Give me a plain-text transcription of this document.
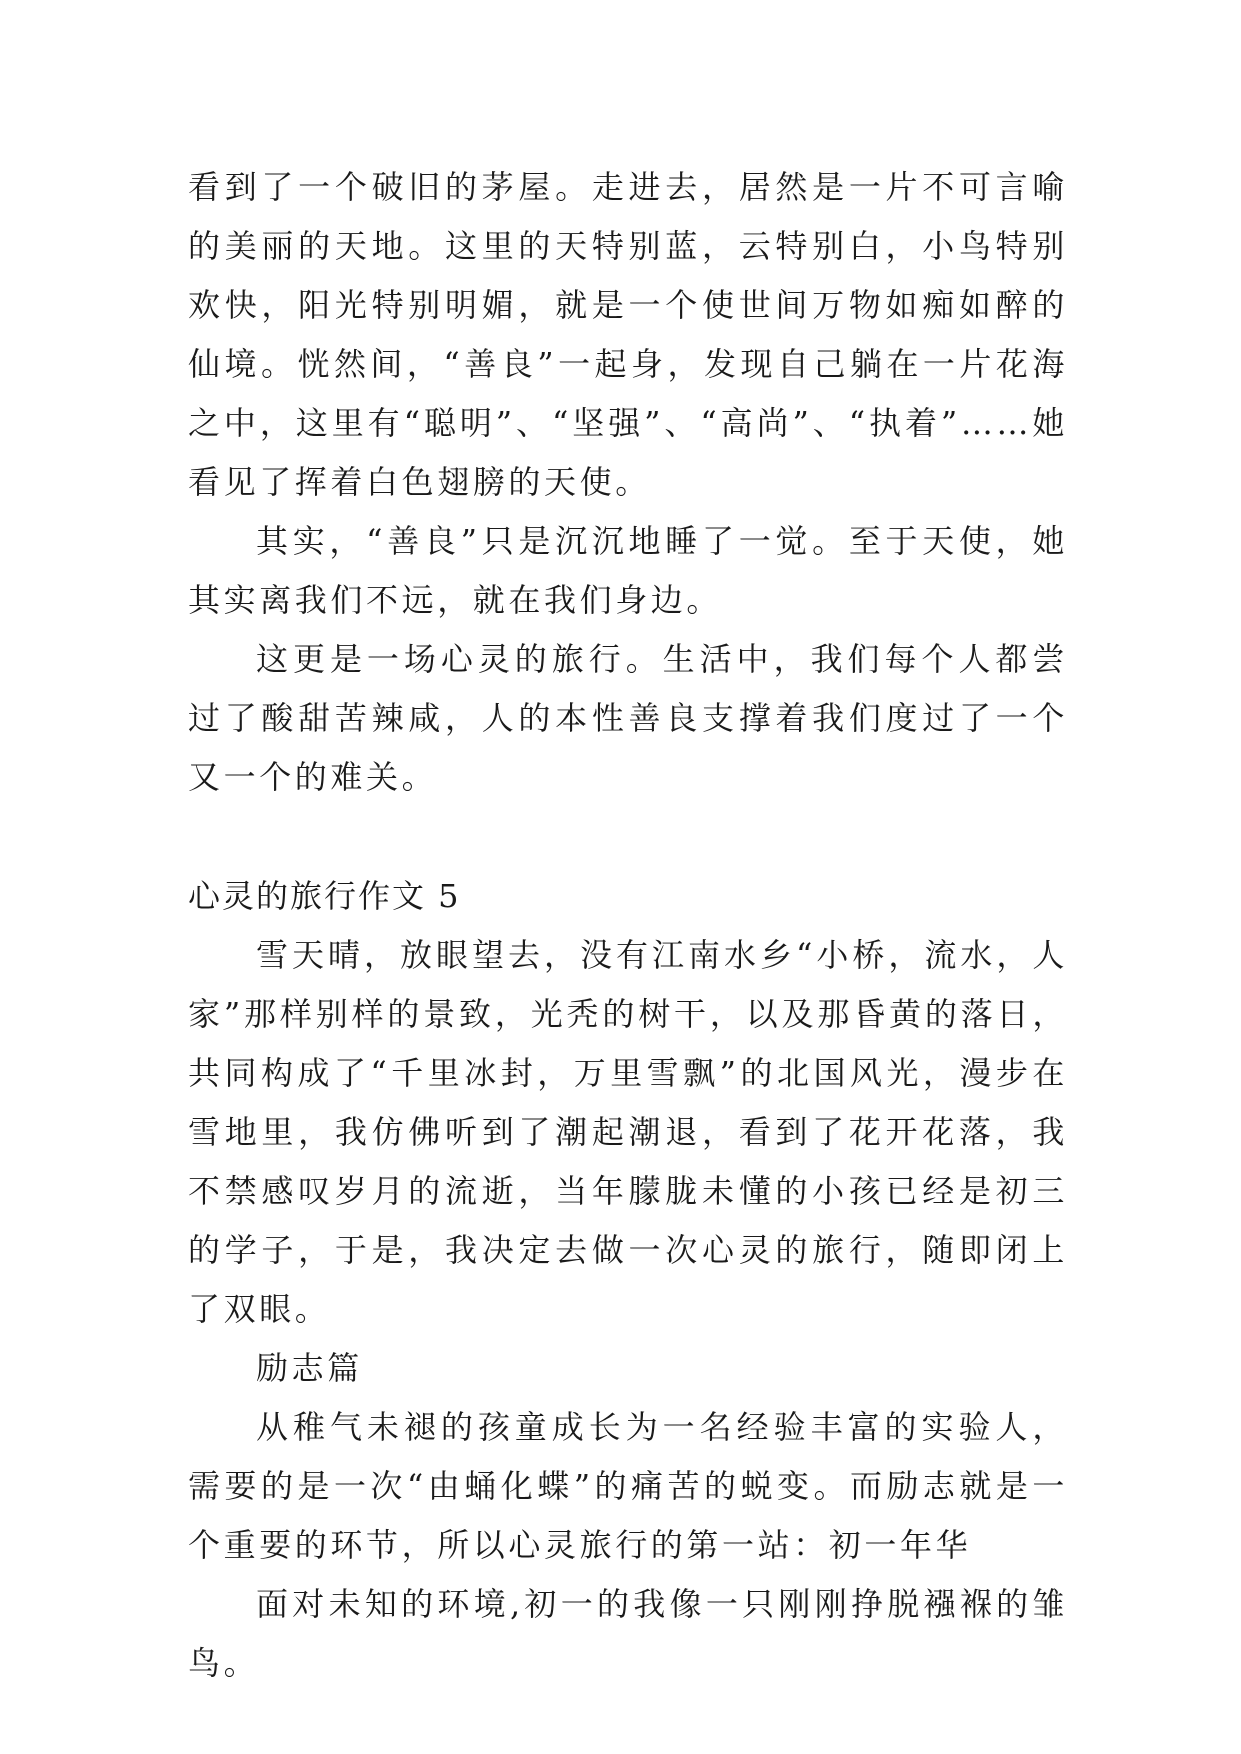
看到了一个破旧的茅屋。走进去，居然是一片不可言喻的美丽的天地。这里的天特别蓝，云特别白，小鸟特别欢快，阳光特别明媚，就是一个使世间万物如痴如醉的仙境。恍然间，“善良”一起身，发现自己躺在一片花海之中，这里有“聪明”、“坚强”、“高尚”、“执着”……她看见了挥着白色翅膀的天使。

其实，“善良”只是沉沉地睡了一觉。至于天使，她其实离我们不远，就在我们身边。

这更是一场心灵的旅行。生活中，我们每个人都尝过了酸甜苦辣咸，人的本性善良支撑着我们度过了一个又一个的难关。

心灵的旅行作文 5

雪天晴，放眼望去，没有江南水乡“小桥，流水，人家”那样别样的景致，光秃的树干，以及那昏黄的落日，共同构成了“千里冰封，万里雪飘”的北国风光，漫步在雪地里，我仿佛听到了潮起潮退，看到了花开花落，我不禁感叹岁月的流逝，当年朦胧未懂的小孩已经是初三的学子，于是，我决定去做一次心灵的旅行，随即闭上了双眼。

励志篇

从稚气未褪的孩童成长为一名经验丰富的实验人，需要的是一次“由蛹化蝶”的痛苦的蜕变。而励志就是一个重要的环节，所以心灵旅行的第一站：初一年华

面对未知的环境,初一的我像一只刚刚挣脱襁褓的雏鸟。
